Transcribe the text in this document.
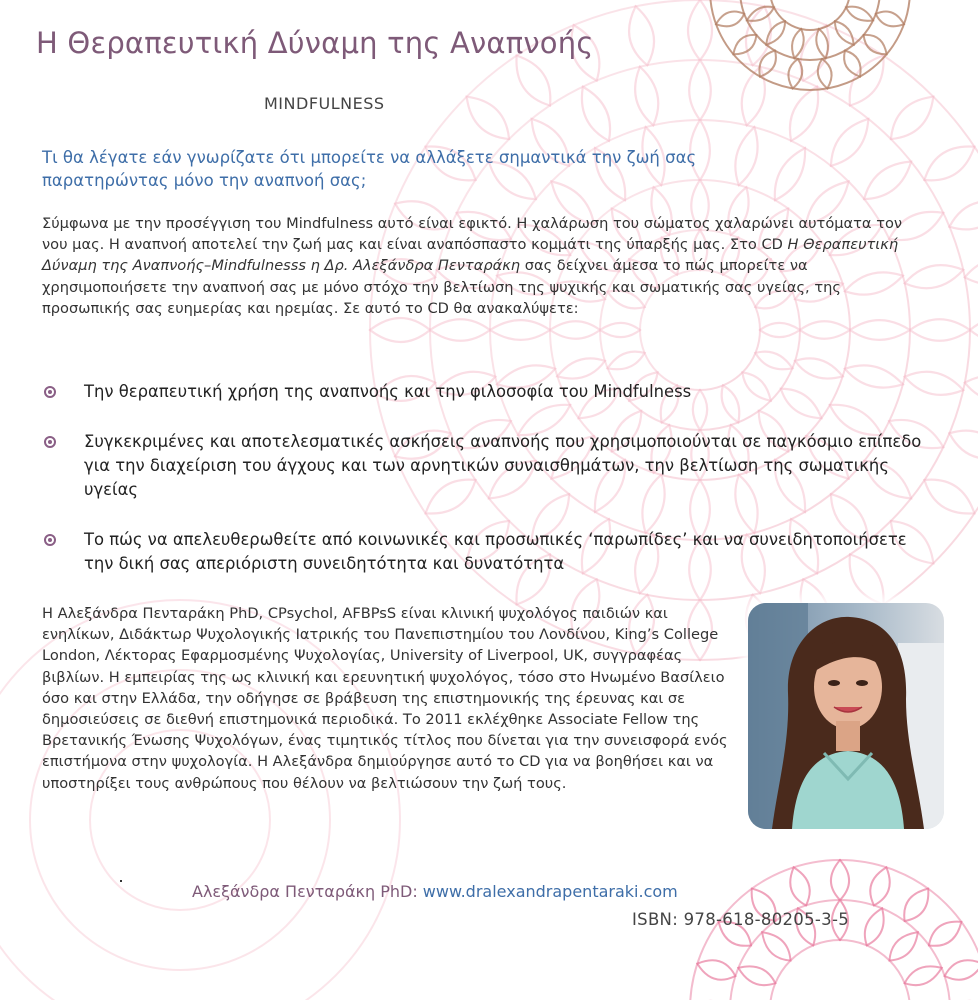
Η Θεραπευτική Δύναμη της Αναπνοής
MINDFULNESS
Τι θα λέγατε εάν γνωρίζατε ότι μπορείτε να αλλάξετε σημαντικά την ζωή σας παρατηρώντας μόνο την αναπνοή σας;
Σύμφωνα με την προσέγγιση του Mindfulness αυτό είναι εφικτό. Η χαλάρωση του σώματος χαλαρώνει αυτόματα τον νου μας. Η αναπνοή αποτελεί την ζωή μας και είναι αναπόσπαστο κομμάτι της ύπαρξής μας. Στο CD Η Θεραπευτική Δύναμη της Αναπνοής–Mindfulnesss η Δρ. Αλεξάνδρα Πενταράκη σας δείχνει άμεσα το πώς μπορείτε να χρησιμοποιήσετε την αναπνοή σας με μόνο στόχο την βελτίωση της ψυχικής και σωματικής σας υγείας, της προσωπικής σας ευημερίας και ηρεμίας. Σε αυτό το CD θα ανακαλύψετε:
Την θεραπευτική χρήση της αναπνοής και την φιλοσοφία του Mindfulness
Συγκεκριμένες και αποτελεσματικές ασκήσεις αναπνοής που χρησιμοποιούνται σε παγκόσμιο επίπεδο για την διαχείριση του άγχους και των αρνητικών συναισθημάτων, την βελτίωση της σωματικής υγείας
Το πώς να απελευθερωθείτε από κοινωνικές και προσωπικές ‘παρωπίδες’ και να συνειδητοποιήσετε την δική σας απεριόριστη συνειδητότητα και δυνατότητα
Η Αλεξάνδρα Πενταράκη PhD, CPsychol, AFBPsS είναι κλινική ψυχολόγος παιδιών και ενηλίκων, Διδάκτωρ Ψυχολογικής Ιατρικής του Πανεπιστημίου του Λονδίνου, King’s College London, Λέκτορας Εφαρμοσμένης Ψυχολογίας, University of Liverpool, UK, συγγραφέας βιβλίων. Η εμπειρίας της ως κλινική και ερευνητική ψυχολόγος, τόσο στο Ηνωμένο Βασίλειο όσο και στην Ελλάδα, την οδήγησε σε βράβευση της επιστημονικής της έρευνας και σε δημοσιεύσεις σε διεθνή επιστημονικά περιοδικά. Το 2011 εκλέχθηκε Associate Fellow της Βρετανικής Ένωσης Ψυχολόγων, ένας τιμητικός τίτλος που δίνεται για την συνεισφορά ενός επιστήμονα στην ψυχολογία. Η Αλεξάνδρα δημιούργησε αυτό το CD για να βοηθήσει και να υποστηρίξει τους ανθρώπους που θέλουν να βελτιώσουν την ζωή τους.
Αλεξάνδρα Πενταράκη PhD: www.dralexandrapentaraki.com
ISBN: 978-618-80205-3-5
